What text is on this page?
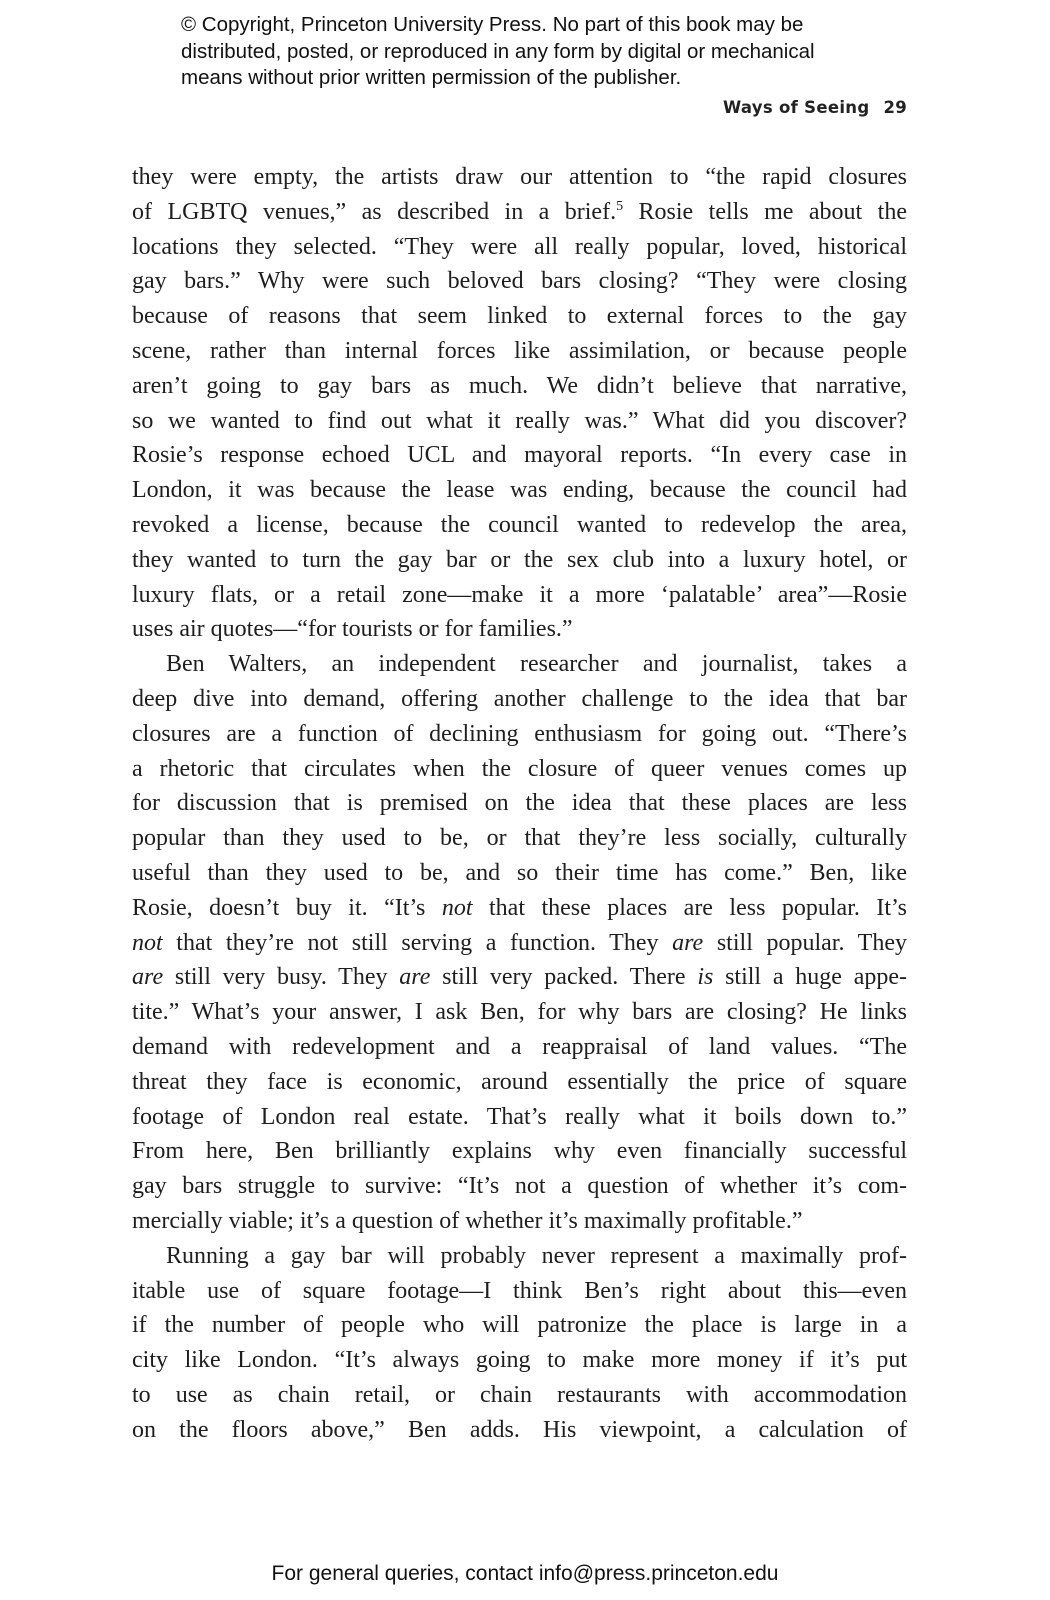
© Copyright, Princeton University Press. No part of this book may be
distributed, posted, or reproduced in any form by digital or mechanical
means without prior written permission of the publisher.
Ways of Seeing 29

they were empty, the artists draw our attention to “the rapid closures
of LGBTQ venues,” as described in a brief.$^5$ Rosie tells me about the
locations they selected. “They were all really popular, loved, historical
gay bars.” Why were such beloved bars closing? “They were closing
because of reasons that seem linked to external forces to the gay
scene, rather than internal forces like assimilation, or because people
aren’t going to gay bars as much. We didn’t believe that narrative,
so we wanted to find out what it really was.” What did you discover?
Rosie’s response echoed UCL and mayoral reports. “In every case in
London, it was because the lease was ending, because the council had
revoked a license, because the council wanted to redevelop the area,
they wanted to turn the gay bar or the sex club into a luxury hotel, or
luxury flats, or a retail zone—make it a more ‘palatable’ area”—Rosie
uses air quotes—“for tourists or for families.”

Ben Walters, an independent researcher and journalist, takes a
deep dive into demand, offering another challenge to the idea that bar
closures are a function of declining enthusiasm for going out. “There’s
a rhetoric that circulates when the closure of queer venues comes up
for discussion that is premised on the idea that these places are less
popular than they used to be, or that they’re less socially, culturally
useful than they used to be, and so their time has come.” Ben, like
Rosie, doesn’t buy it. “It’s not that these places are less popular. It’s
not that they’re not still serving a function. They are still popular. They
are still very busy. They are still very packed. There is still a huge appe-
tite.” What’s your answer, I ask Ben, for why bars are closing? He links
demand with redevelopment and a reappraisal of land values. “The
threat they face is economic, around essentially the price of square
footage of London real estate. That’s really what it boils down to.”
From here, Ben brilliantly explains why even financially successful
gay bars struggle to survive: “It’s not a question of whether it’s com-
mercially viable; it’s a question of whether it’s maximally profitable.”

Running a gay bar will probably never represent a maximally prof-
itable use of square footage—I think Ben’s right about this—even
if the number of people who will patronize the place is large in a
city like London. “It’s always going to make more money if it’s put
to use as chain retail, or chain restaurants with accommodation
on the floors above,” Ben adds. His viewpoint, a calculation of

For general queries, contact info@press.princeton.edu
